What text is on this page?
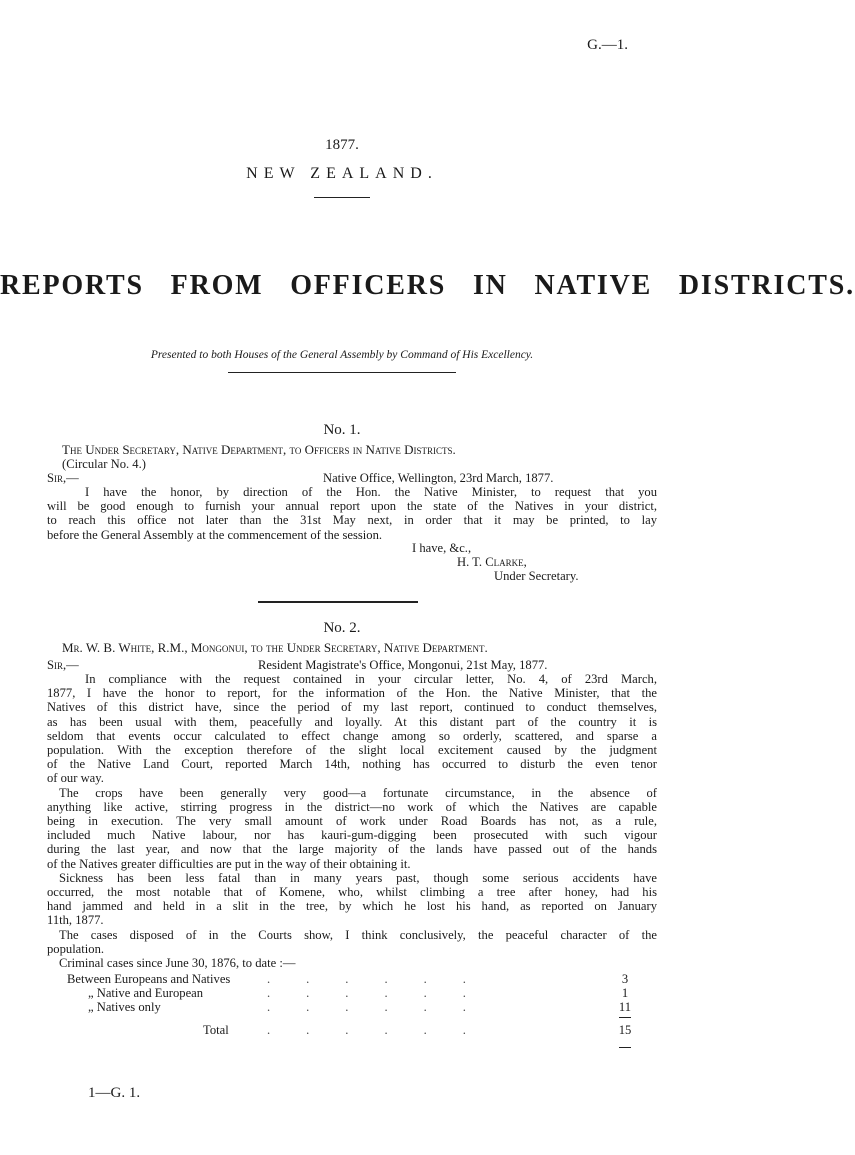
G.—1.
1877.
NEW ZEALAND.
REPORTS FROM OFFICERS IN NATIVE DISTRICTS.
Presented to both Houses of the General Assembly by Command of His Excellency.
No. 1.
The Under Secretary, Native Department, to Officers in Native Districts.
(Circular No. 4.)
Sir,—	Native Office, Wellington, 23rd March, 1877.
I have the honor, by direction of the Hon. the Native Minister, to request that you
will be good enough to furnish your annual report upon the state of the Natives in your district,
to reach this office not later than the 31st May next, in order that it may be printed, to lay
before the General Assembly at the commencement of the session.
I have, &c.,
H. T. Clarke,
Under Secretary.
No. 2.
Mr. W. B. White, R.M., Mongonui, to the Under Secretary, Native Department.
Sir,—	Resident Magistrate's Office, Mongonui, 21st May, 1877.
In compliance with the request contained in your circular letter, No. 4, of 23rd March,
1877, I have the honor to report, for the information of the Hon. the Native Minister, that the
Natives of this district have, since the period of my last report, continued to conduct themselves,
as has been usual with them, peacefully and loyally. At this distant part of the country it is
seldom that events occur calculated to effect change among so orderly, scattered, and sparse a
population. With the exception therefore of the slight local excitement caused by the judgment
of the Native Land Court, reported March 14th, nothing has occurred to disturb the even tenor
of our way.
The crops have been generally very good—a fortunate circumstance, in the absence of
anything like active, stirring progress in the district—no work of which the Natives are capable
being in execution. The very small amount of work under Road Boards has not, as a rule,
included much Native labour, nor has kauri-gum-digging been prosecuted with such vigour
during the last year, and now that the large majority of the lands have passed out of the hands
of the Natives greater difficulties are put in the way of their obtaining it.
Sickness has been less fatal than in many years past, though some serious accidents have
occurred, the most notable that of Komene, who, whilst climbing a tree after honey, had his
hand jammed and held in a slit in the tree, by which he lost his hand, as reported on January
11th, 1877.
The cases disposed of in the Courts show, I think conclusively, the peaceful character of the
population.
Criminal cases since June 30, 1876, to date :—
Between Europeans and Natives	......	3
„ Native and European	......	1
„ Natives only	......	11
Total	......	15
1—G. 1.
